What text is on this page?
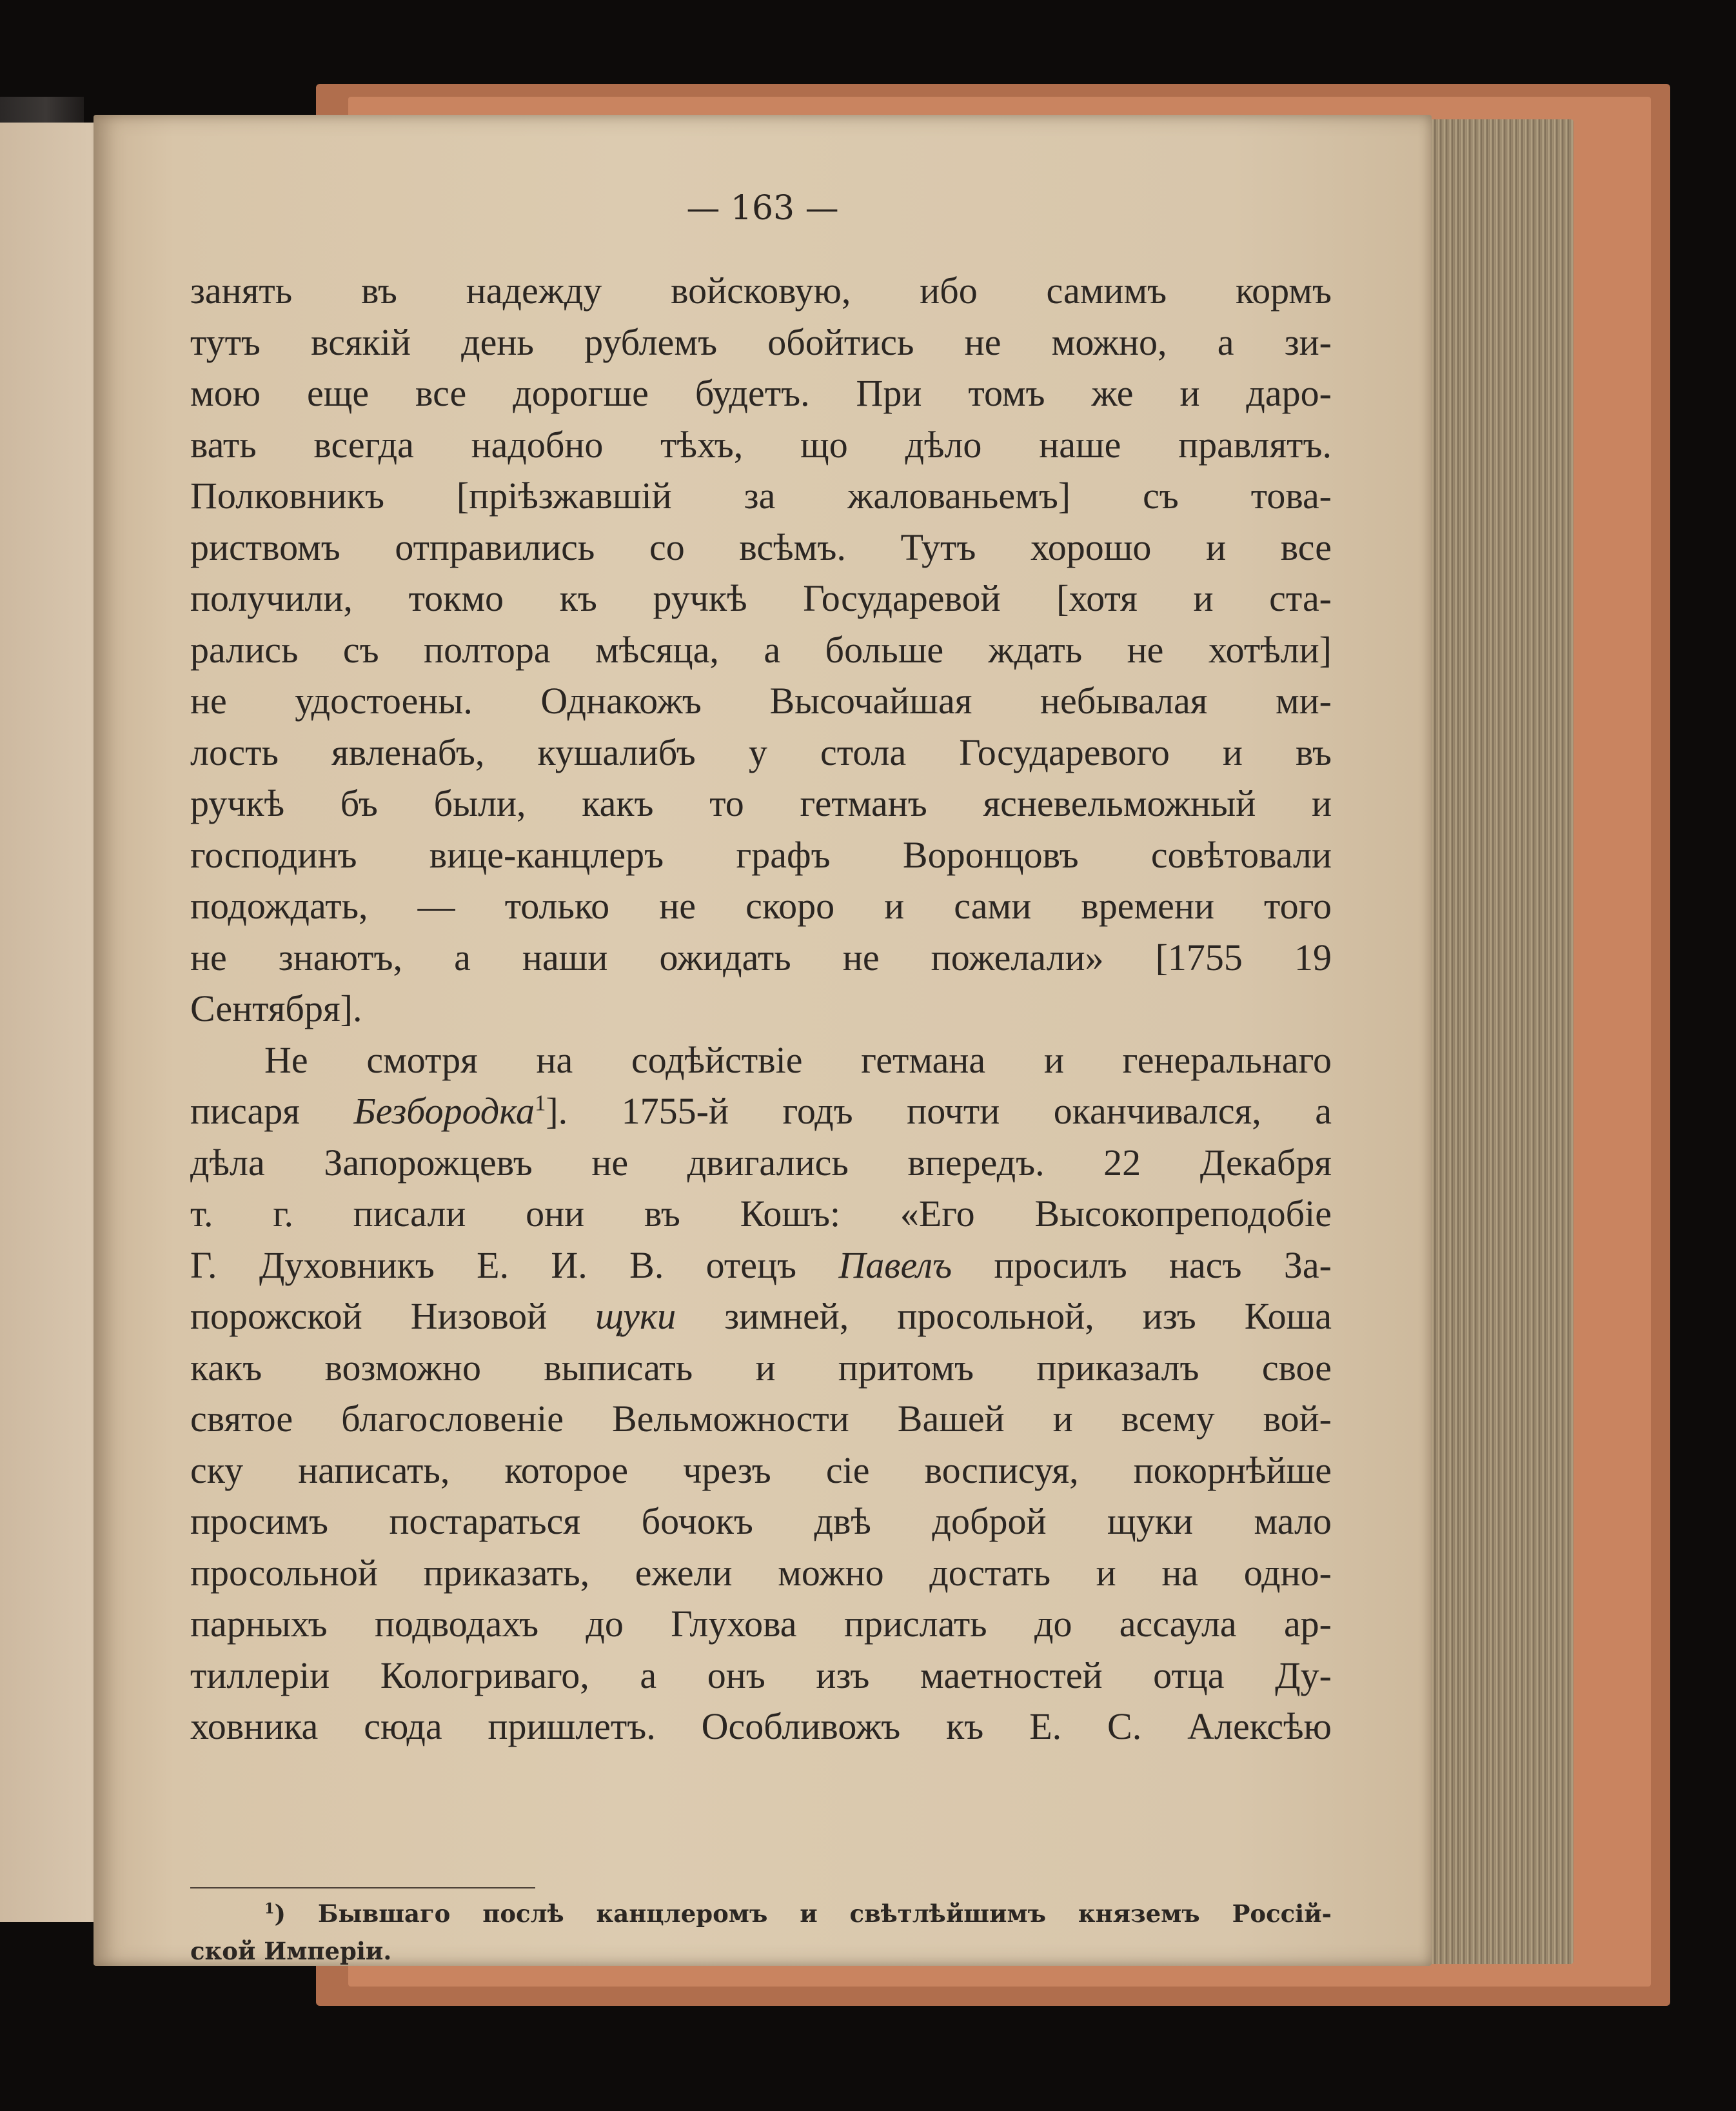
— 163 —
занять въ надежду войсковую, ибо самимъ кормъ
тутъ всякій день рублемъ обойтись не можно, а зи-
мою еще все дорогше будетъ. При томъ же и даро-
вать всегда надобно тѣхъ, що дѣло наше правлятъ.
Полковникъ [пріѣзжавшій за жалованьемъ] съ това-
риствомъ отправились со всѣмъ. Тутъ хорошо и все
получили, токмо къ ручкѣ Государевой [хотя и ста-
рались съ полтора мѣсяца, а больше ждать не хотѣли]
не удостоены. Однакожъ Высочайшая небывалая ми-
лость явленабъ, кушалибъ у стола Государевого и въ
ручкѣ бъ были, какъ то гетманъ ясневельможный и
господинъ вице-канцлеръ графъ Воронцовъ совѣтовали
подождать, — только не скоро и сами времени того
не знаютъ, а наши ожидать не пожелали» [1755 19
Сентября].
Не смотря на содѣйствіе гетмана и генеральнаго
писаря Безбородка$^1$]. 1755-й годъ почти оканчивался, а
дѣла Запорожцевъ не двигались впередъ. 22 Декабря
т. г. писали они въ Кошъ: «Его Высокопреподобіе
Г. Духовникъ Е. И. В. отецъ Павелъ просилъ насъ За-
порожской Низовой щуки зимней, просольной, изъ Коша
какъ возможно выписать и притомъ приказалъ свое
святое благословеніе Вельможности Вашей и всему вой-
ску написать, которое чрезъ сіе восписуя, покорнѣйше
просимъ постараться бочокъ двѣ доброй щуки мало
просольной приказать, ежели можно достать и на одно-
парныхъ подводахъ до Глухова прислать до ассаула ар-
тиллеріи Кологриваго, а онъ изъ маетностей отца Ду-
ховника сюда пришлетъ. Особливожъ къ Е. С. Алексѣю
$^1$) Бывшаго послѣ канцлеромъ и свѣтлѣйшимъ княземъ Россій-
ской Имперіи.
